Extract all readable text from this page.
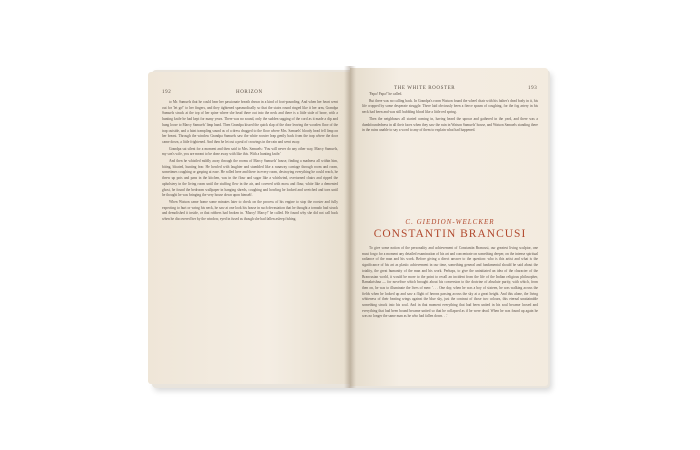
192	HORIZON

to Mr. Samuels that he could hear her passionate breath drawn in a kind of foot-pounding. And when her heart went out for 'let go!' to her fingers, and they tightened spasmodically so that the stairs round ringed like it her arm, Grandpa Samuels struck at the top of her spine where she head there out into the neck and there is a little stale of bone, with a hunting knife he had kept for many years. There was no sound, only the sudden sagging of the cord as it made a dip and hung loose to Marcy Samuels' limp hand. Then Grandpa kissed the quick slap of the door leaving the wooden floor of the trap outside, and a faint trampling sound as of a dress dragged to the floor where Mrs. Samuels' bloody head fell limp on her breast. Through the window Grandpa Samuels saw the white rooster leap gently back from the trap where the door came down, a little frightened. And then he let out a peal of crowings in the rain and went away.

Grandpa sat silent for a moment and then said to Mrs. Samuels: 'You will never do any other way, Marcy Samuels, my son's wife, you are meant to be done away with like this. With a hunting knife.'

And then he whistled mildly away through the rooms of Marcy Samuels' house, finding a madness all within him, biting, bloated, hunting fear. He howled with laughter and stumbled like a runaway carriage through room and room, sometimes coughing or gasping at ease. He rolled here and there in every room, destroying everything he could reach, he threw up pots and pans in the kitchen, was in the flour and sugar like a whirlwind, overturned chairs and ripped the upholstery in the living room until the stuffing flew in the air, and covered with moss and flour, white like a demented ghost, he found the bedroom wallpaper in hanging shreds, coughing and howling he looked and wretched and torn until he thought he was bringing the very house down upon himself.

When Watson came home some minutes later to check on the process of his engine to stop the rooster and fully expecting to hurt or wring his neck, he saw at one look his house in such devastation that he thought a tornado had struck and demolished it inside, or that robbers had broken in. 'Marcy! Marcy!' he called. He found why she did not call back when he discovered her by the window, eyed in fused as though she had fallen asleep fishing.

THE WHITE ROOSTER	193

'Papa! Papa!' he called.

But there was no calling back. In Grandpa's room Watson found the wheel chair with his father's dead body in it, his life cropped by some desperate struggle. There laid obviously been a fierce spasm of coughing, for the fog artery in his neck had been and was still bubbling blood like a little red spring.

Then the neighbours all started coming in, having heard the uproar and gathered in the yard, and there was a dumbfoundedness in all their faces when they saw the ruin in Watson Samuels' house, and Watson Samuels standing there in the ruins unable to say a word to any of them to explain what had happened.

C. GIEDION-WELCKER
CONSTANTIN BRANCUSI

To give some notion of the personality and achievement of Constantin Brancusi, our greatest living sculptor, one must forgo for a moment any detailed examination of his art and concentrate on something deeper, on the intense spiritual radiance of the man and his work. Before giving a direct answer to the question: who is this artist and what is the significance of his art as plastic achievement in our time, something general and fundamental should be said about the totality, the great humanity of the man and his work. Perhaps, to give the uninitiated an idea of the character of the Brancusian world, it would be more to the point to recall an incident from the life of the Indian religious philosopher, Ramakrishna — for noveltwe which brought about his conversion to the doctrine of absolute purity, with which, from then on, he was to illuminate the lives of men: '. . . One day, when he was a boy of sixteen, he was walking across the fields when he looked up and saw a flight of herons passing across the sky at a great height. And this alone, the living whiteness of their beating wings against the blue sky, just the contrast of those two colours, this eternal unattainable something struck into his soul. And in that moment everything that had been united in his soul became loosed and everything that had been bound became united so that he collapsed as if he were dead. When he was found up again he was no longer the same man as he who had fallen down. . .'
